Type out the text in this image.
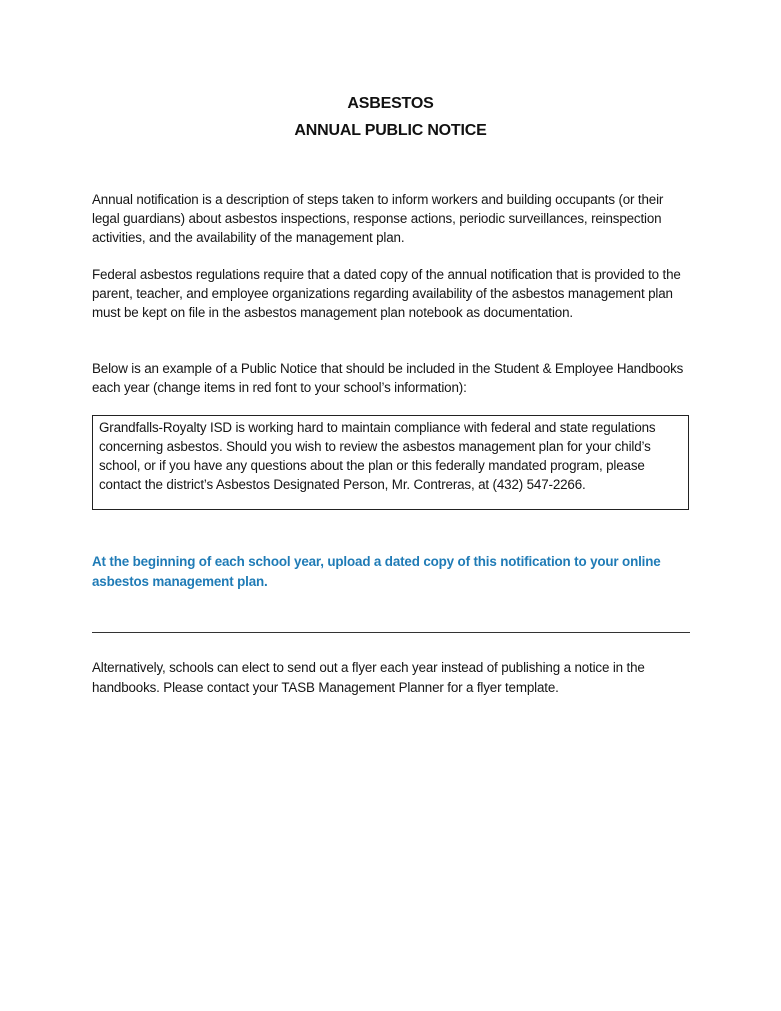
ASBESTOS
ANNUAL PUBLIC NOTICE
Annual notification is a description of steps taken to inform workers and building occupants (or their legal guardians) about asbestos inspections, response actions, periodic surveillances, reinspection activities, and the availability of the management plan.
Federal asbestos regulations require that a dated copy of the annual notification that is provided to the parent, teacher, and employee organizations regarding availability of the asbestos management plan must be kept on file in the asbestos management plan notebook as documentation.
Below is an example of a Public Notice that should be included in the Student & Employee Handbooks each year (change items in red font to your school’s information):
Grandfalls-Royalty ISD is working hard to maintain compliance with federal and state regulations concerning asbestos. Should you wish to review the asbestos management plan for your child’s school, or if you have any questions about the plan or this federally mandated program, please contact the district’s Asbestos Designated Person, Mr. Contreras, at (432) 547-2266.
At the beginning of each school year, upload a dated copy of this notification to your online asbestos management plan.
Alternatively, schools can elect to send out a flyer each year instead of publishing a notice in the handbooks. Please contact your TASB Management Planner for a flyer template.
